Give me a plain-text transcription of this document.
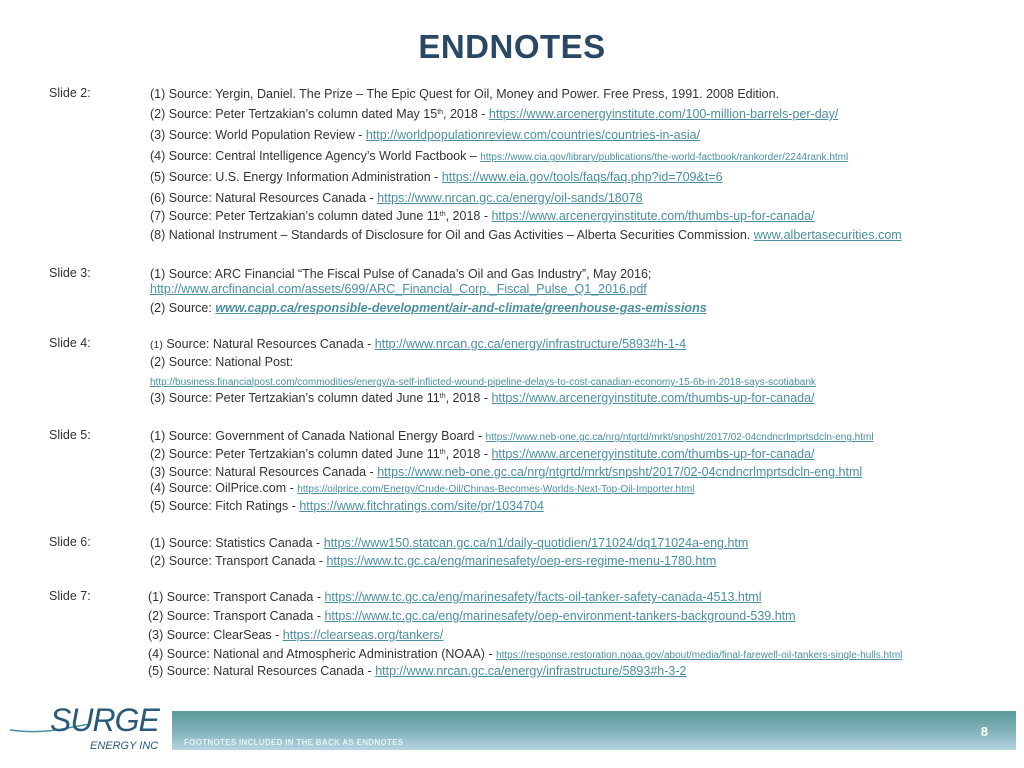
ENDNOTES
Slide 2:	(1) Source: Yergin, Daniel. The Prize – The Epic Quest for Oil, Money and Power. Free Press, 1991. 2008 Edition.
(2) Source: Peter Tertzakian’s column dated May 15th, 2018 - https://www.arcenergyinstitute.com/100-million-barrels-per-day/
(3) Source: World Population Review - http://worldpopulationreview.com/countries/countries-in-asia/
(4) Source: Central Intelligence Agency’s World Factbook – https://www.cia.gov/library/publications/the-world-factbook/rankorder/2244rank.html
(5) Source: U.S. Energy Information Administration - https://www.eia.gov/tools/faqs/faq.php?id=709&t=6
(6) Source: Natural Resources Canada - https://www.nrcan.gc.ca/energy/oil-sands/18078
(7) Source: Peter Tertzakian’s column dated June 11th, 2018 - https://www.arcenergyinstitute.com/thumbs-up-for-canada/
(8) National Instrument – Standards of Disclosure for Oil and Gas Activities – Alberta Securities Commission. www.albertasecurities.com
Slide 3:	(1) Source: ARC Financial “The Fiscal Pulse of Canada’s Oil and Gas Industry”, May 2016;
http://www.arcfinancial.com/assets/699/ARC_Financial_Corp._Fiscal_Pulse_Q1_2016.pdf
(2) Source: www.capp.ca/responsible-development/air-and-climate/greenhouse-gas-emissions
Slide 4:	(1) Source: Natural Resources Canada - http://www.nrcan.gc.ca/energy/infrastructure/5893#h-1-4
(2) Source: National Post:
http://business.financialpost.com/commodities/energy/a-self-inflicted-wound-pipeline-delays-to-cost-canadian-economy-15-6b-in-2018-says-scotiabank
(3) Source: Peter Tertzakian’s column dated June 11th, 2018 - https://www.arcenergyinstitute.com/thumbs-up-for-canada/
Slide 5:	(1) Source: Government of Canada National Energy Board - https://www.neb-one.gc.ca/nrg/ntgrtd/mrkt/snpsht/2017/02-04cndncrlmprtsdcln-eng.html
(2) Source: Peter Tertzakian’s column dated June 11th, 2018 - https://www.arcenergyinstitute.com/thumbs-up-for-canada/
(3) Source: Natural Resources Canada - https://www.neb-one.gc.ca/nrg/ntgrtd/mrkt/snpsht/2017/02-04cndncrlmprtsdcln-eng.html
(4) Source: OilPrice.com - https://oilprice.com/Energy/Crude-Oil/Chinas-Becomes-Worlds-Next-Top-Oil-Importer.html
(5) Source: Fitch Ratings - https://www.fitchratings.com/site/pr/1034704
Slide 6:	(1) Source: Statistics Canada - https://www150.statcan.gc.ca/n1/daily-quotidien/171024/dq171024a-eng.htm
(2) Source: Transport Canada - https://www.tc.gc.ca/eng/marinesafety/oep-ers-regime-menu-1780.htm
Slide 7:	(1) Source: Transport Canada - https://www.tc.gc.ca/eng/marinesafety/facts-oil-tanker-safety-canada-4513.html
(2) Source: Transport Canada - https://www.tc.gc.ca/eng/marinesafety/oep-environment-tankers-background-539.htm
(3) Source: ClearSeas - https://clearseas.org/tankers/
(4) Source: National and Atmospheric Administration (NOAA) - https://response.restoration.noaa.gov/about/media/final-farewell-oil-tankers-single-hulls.html
(5) Source: Natural Resources Canada - http://www.nrcan.gc.ca/energy/infrastructure/5893#h-3-2
SURGE
ENERGY INC	FOOTNOTES INCLUDED IN THE BACK AS ENDNOTES
8
